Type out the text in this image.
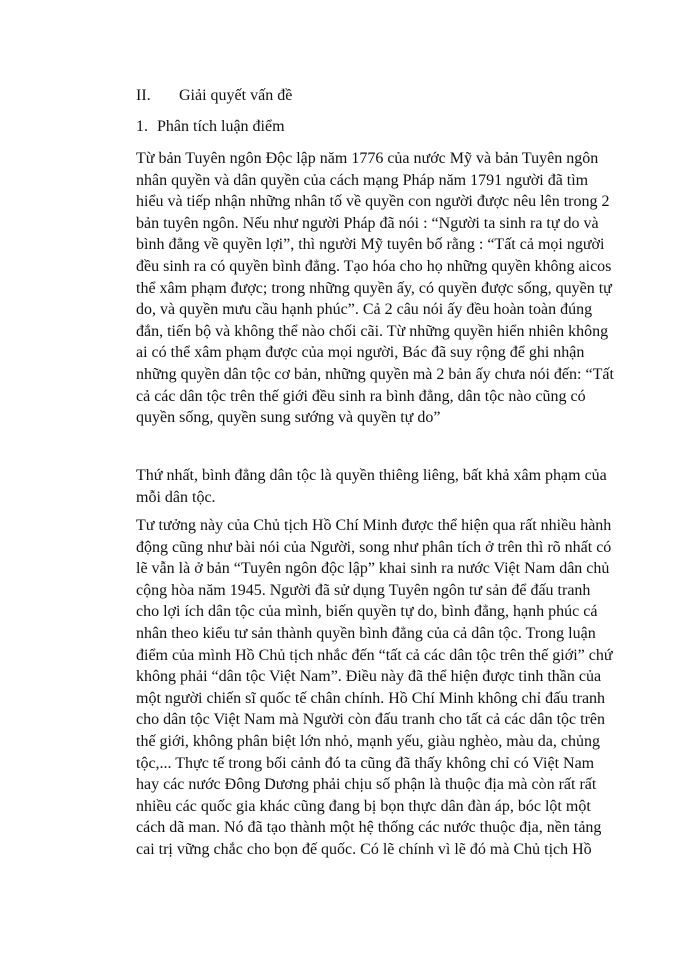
II. Giải quyết vấn đề
1. Phân tích luận điểm
Từ bản Tuyên ngôn Độc lập năm 1776 của nước Mỹ và bản Tuyên ngôn
nhân quyền và dân quyền của cách mạng Pháp năm 1791 người đã tìm
hiểu và tiếp nhận những nhân tố về quyền con người được nêu lên trong 2
bản tuyên ngôn. Nếu như người Pháp đã nói : “Người ta sinh ra tự do và
bình đẳng về quyền lợi”, thì người Mỹ tuyên bố rằng : “Tất cả mọi người
đều sinh ra có quyền bình đẳng. Tạo hóa cho họ những quyền không aicos
thể xâm phạm được; trong những quyền ấy, có quyền được sống, quyền tự
do, và quyền mưu cầu hạnh phúc”. Cả 2 câu nói ấy đều hoàn toàn đúng
đắn, tiến bộ và không thể nào chối cãi. Từ những quyền hiển nhiên không
ai có thể xâm phạm được của mọi người, Bác đã suy rộng để ghi nhận
những quyền dân tộc cơ bản, những quyền mà 2 bản ấy chưa nói đến: “Tất
cả các dân tộc trên thế giới đều sinh ra bình đẳng, dân tộc nào cũng có
quyền sống, quyền sung sướng và quyền tự do”
Thứ nhất, bình đẳng dân tộc là quyền thiêng liêng, bất khả xâm phạm của
mỗi dân tộc.
Tư tưởng này của Chủ tịch Hồ Chí Minh được thể hiện qua rất nhiều hành
động cũng như bài nói của Người, song như phân tích ở trên thì rõ nhất có
lẽ vẫn là ở bản “Tuyên ngôn độc lập” khai sinh ra nước Việt Nam dân chủ
cộng hòa năm 1945. Người đã sử dụng Tuyên ngôn tư sản để đấu tranh
cho lợi ích dân tộc của mình, biến quyền tự do, bình đẳng, hạnh phúc cá
nhân theo kiểu tư sản thành quyền bình đẳng của cả dân tộc. Trong luận
điểm của mình Hồ Chủ tịch nhắc đến “tất cả các dân tộc trên thế giới” chứ
không phải “dân tộc Việt Nam”. Điều này đã thể hiện được tinh thần của
một người chiến sĩ quốc tế chân chính. Hồ Chí Minh không chỉ đấu tranh
cho dân tộc Việt Nam mà Người còn đấu tranh cho tất cả các dân tộc trên
thế giới, không phân biệt lớn nhỏ, mạnh yếu, giàu nghèo, màu da, chủng
tộc,... Thực tế trong bối cảnh đó ta cũng đã thấy không chỉ có Việt Nam
hay các nước Đông Dương phải chịu số phận là thuộc địa mà còn rất rất
nhiều các quốc gia khác cũng đang bị bọn thực dân đàn áp, bóc lột một
cách dã man. Nó đã tạo thành một hệ thống các nước thuộc địa, nền tảng
cai trị vững chắc cho bọn đế quốc. Có lẽ chính vì lẽ đó mà Chủ tịch Hồ
